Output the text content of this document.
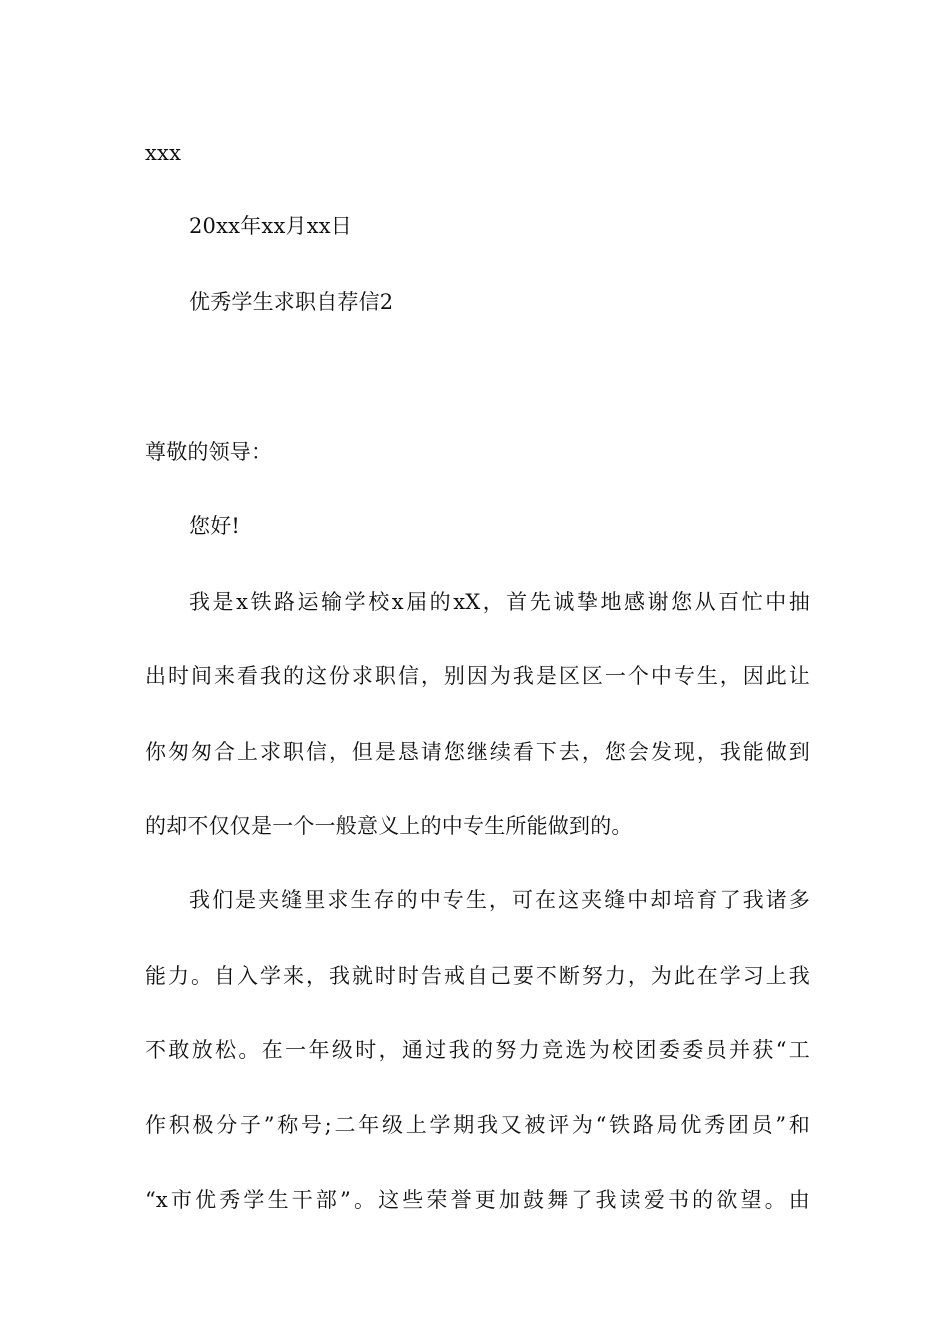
xxx
20xx年xx月xx日
优秀学生求职自荐信2
尊敬的领导：
您好!
我是x铁路运输学校x届的xX，首先诚挚地感谢您从百忙中抽
出时间来看我的这份求职信，别因为我是区区一个中专生，因此让
你匆匆合上求职信，但是恳请您继续看下去，您会发现，我能做到
的却不仅仅是一个一般意义上的中专生所能做到的。
我们是夹缝里求生存的中专生，可在这夹缝中却培育了我诸多
能力。自入学来，我就时时告戒自己要不断努力，为此在学习上我
不敢放松。在一年级时，通过我的努力竞选为校团委委员并获“工
作积极分子”称号;二年级上学期我又被评为“铁路局优秀团员”和
“x市优秀学生干部”。这些荣誉更加鼓舞了我读爱书的欲望。由
